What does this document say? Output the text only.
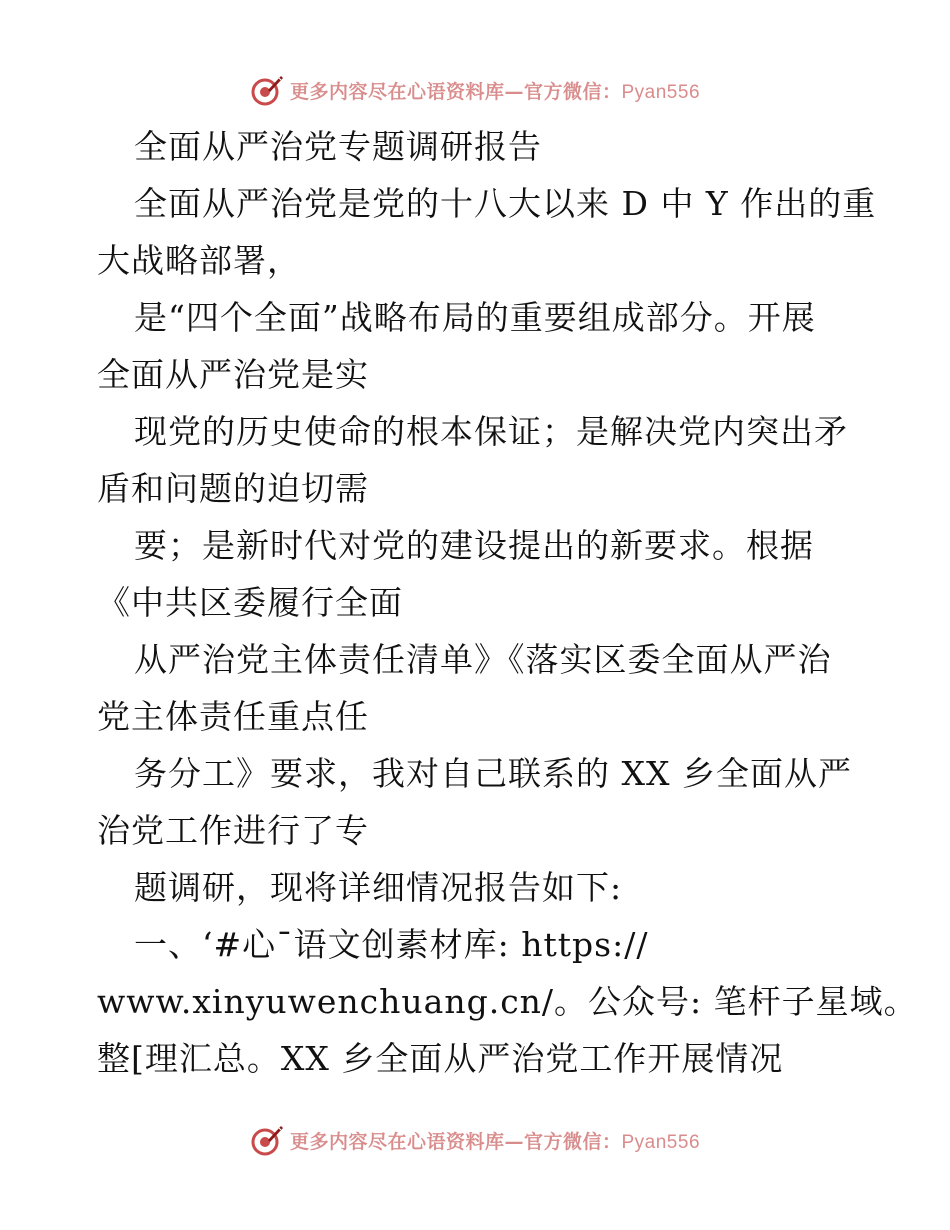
更多内容尽在心语资料库—官方微信：Pyan556
全面从严治党专题调研报告
全面从严治党是党的十八大以来 D 中 Y 作出的重
大战略部署，
是“四个全面”战略布局的重要组成部分。开展
全面从严治党是实
现党的历史使命的根本保证；是解决党内突出矛
盾和问题的迫切需
要；是新时代对党的建设提出的新要求。根据
《中共区委履行全面
从严治党主体责任清单》《落实区委全面从严治
党主体责任重点任
务分工》要求，我对自己联系的 XX 乡全面从严
治党工作进行了专
题调研，现将详细情况报告如下:
一、‘#心¯语文创素材库: https://
www.xinyuwenchuang.cn/。公众号: 笔杆子星域。
整[理汇总。XX 乡全面从严治党工作开展情况
更多内容尽在心语资料库—官方微信：Pyan556
